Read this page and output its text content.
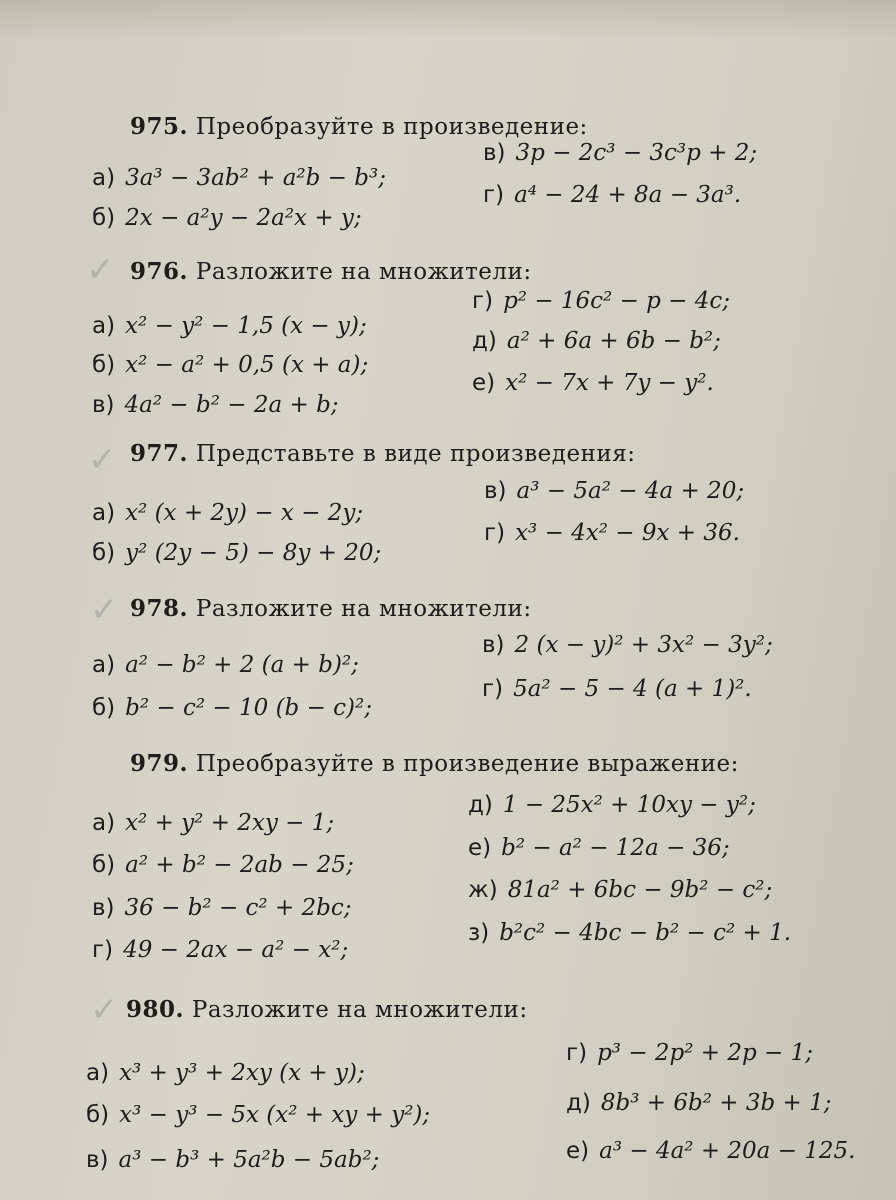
✓
✓
✓
✓
975. Преобразуйте в произведение:
а) 3a³ − 3ab² + a²b − b³;
б) 2x − a²y − 2a²x + y;
в) 3p − 2c³ − 3c³p + 2;
г) a⁴ − 24 + 8a − 3a³.
976. Разложите на множители:
а) x² − y² − 1,5 (x − y);
б) x² − a² + 0,5 (x + a);
в) 4a² − b² − 2a + b;
г) p² − 16c² − p − 4c;
д) a² + 6a + 6b − b²;
е) x² − 7x + 7y − y².
977. Представьте в виде произведения:
а) x² (x + 2y) − x − 2y;
б) y² (2y − 5) − 8y + 20;
в) a³ − 5a² − 4a + 20;
г) x³ − 4x² − 9x + 36.
978. Разложите на множители:
а) a² − b² + 2 (a + b)²;
б) b² − c² − 10 (b − c)²;
в) 2 (x − y)² + 3x² − 3y²;
г) 5a² − 5 − 4 (a + 1)².
979. Преобразуйте в произведение выражение:
а) x² + y² + 2xy − 1;
б) a² + b² − 2ab − 25;
в) 36 − b² − c² + 2bc;
г) 49 − 2ax − a² − x²;
д) 1 − 25x² + 10xy − y²;
е) b² − a² − 12a − 36;
ж) 81a² + 6bc − 9b² − c²;
з) b²c² − 4bc − b² − c² + 1.
980. Разложите на множители:
а) x³ + y³ + 2xy (x + y);
б) x³ − y³ − 5x (x² + xy + y²);
в) a³ − b³ + 5a²b − 5ab²;
г) p³ − 2p² + 2p − 1;
д) 8b³ + 6b² + 3b + 1;
е) a³ − 4a² + 20a − 125.
